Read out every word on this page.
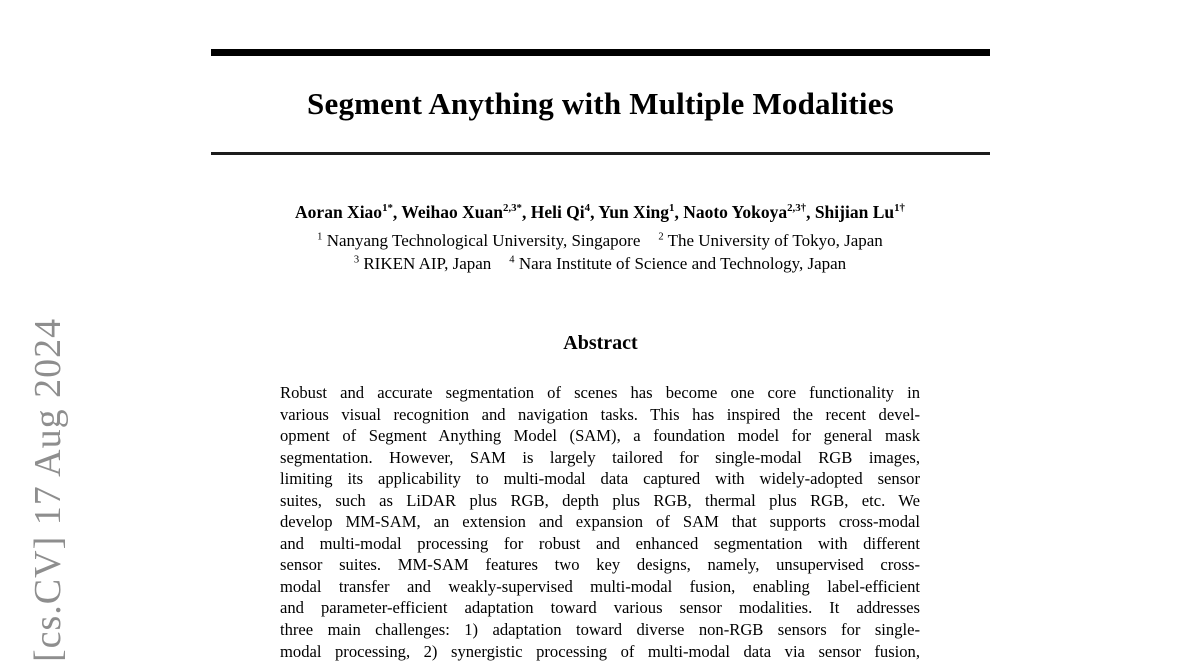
[cs.CV] 17 Aug 2024
Segment Anything with Multiple Modalities
Aoran Xiao$^{1*}$, Weihao Xuan$^{2,3*}$, Heli Qi$^4$, Yun Xing$^1$, Naoto Yokoya$^{2,3\dagger}$, Shijian $Lu^{1\dagger}$
$^1$ Nanyang Technological University, Singapore $^2$ The University of Tokyo, Japan
$^3$ RIKEN AIP, Japan $^4$ Nara Institute of Science and Technology, Japan
Abstract
Robust and accurate segmentation of scenes has become one core functionality in
various visual recognition and navigation tasks. This has inspired the recent devel-
opment of Segment Anything Model (SAM), a foundation model for general mask
segmentation. However, SAM is largely tailored for single-modal RGB images,
limiting its applicability to multi-modal data captured with widely-adopted sensor
suites, such as LiDAR plus RGB, depth plus RGB, thermal plus RGB, etc. We
develop MM-SAM, an extension and expansion of SAM that supports cross-modal
and multi-modal processing for robust and enhanced segmentation with different
sensor suites. MM-SAM features two key designs, namely, unsupervised cross-
modal transfer and weakly-supervised multi-modal fusion, enabling label-efficient
and parameter-efficient adaptation toward various sensor modalities. It addresses
three main challenges: 1) adaptation toward diverse non-RGB sensors for single-
modal processing, 2) synergistic processing of multi-modal data via sensor fusion,
